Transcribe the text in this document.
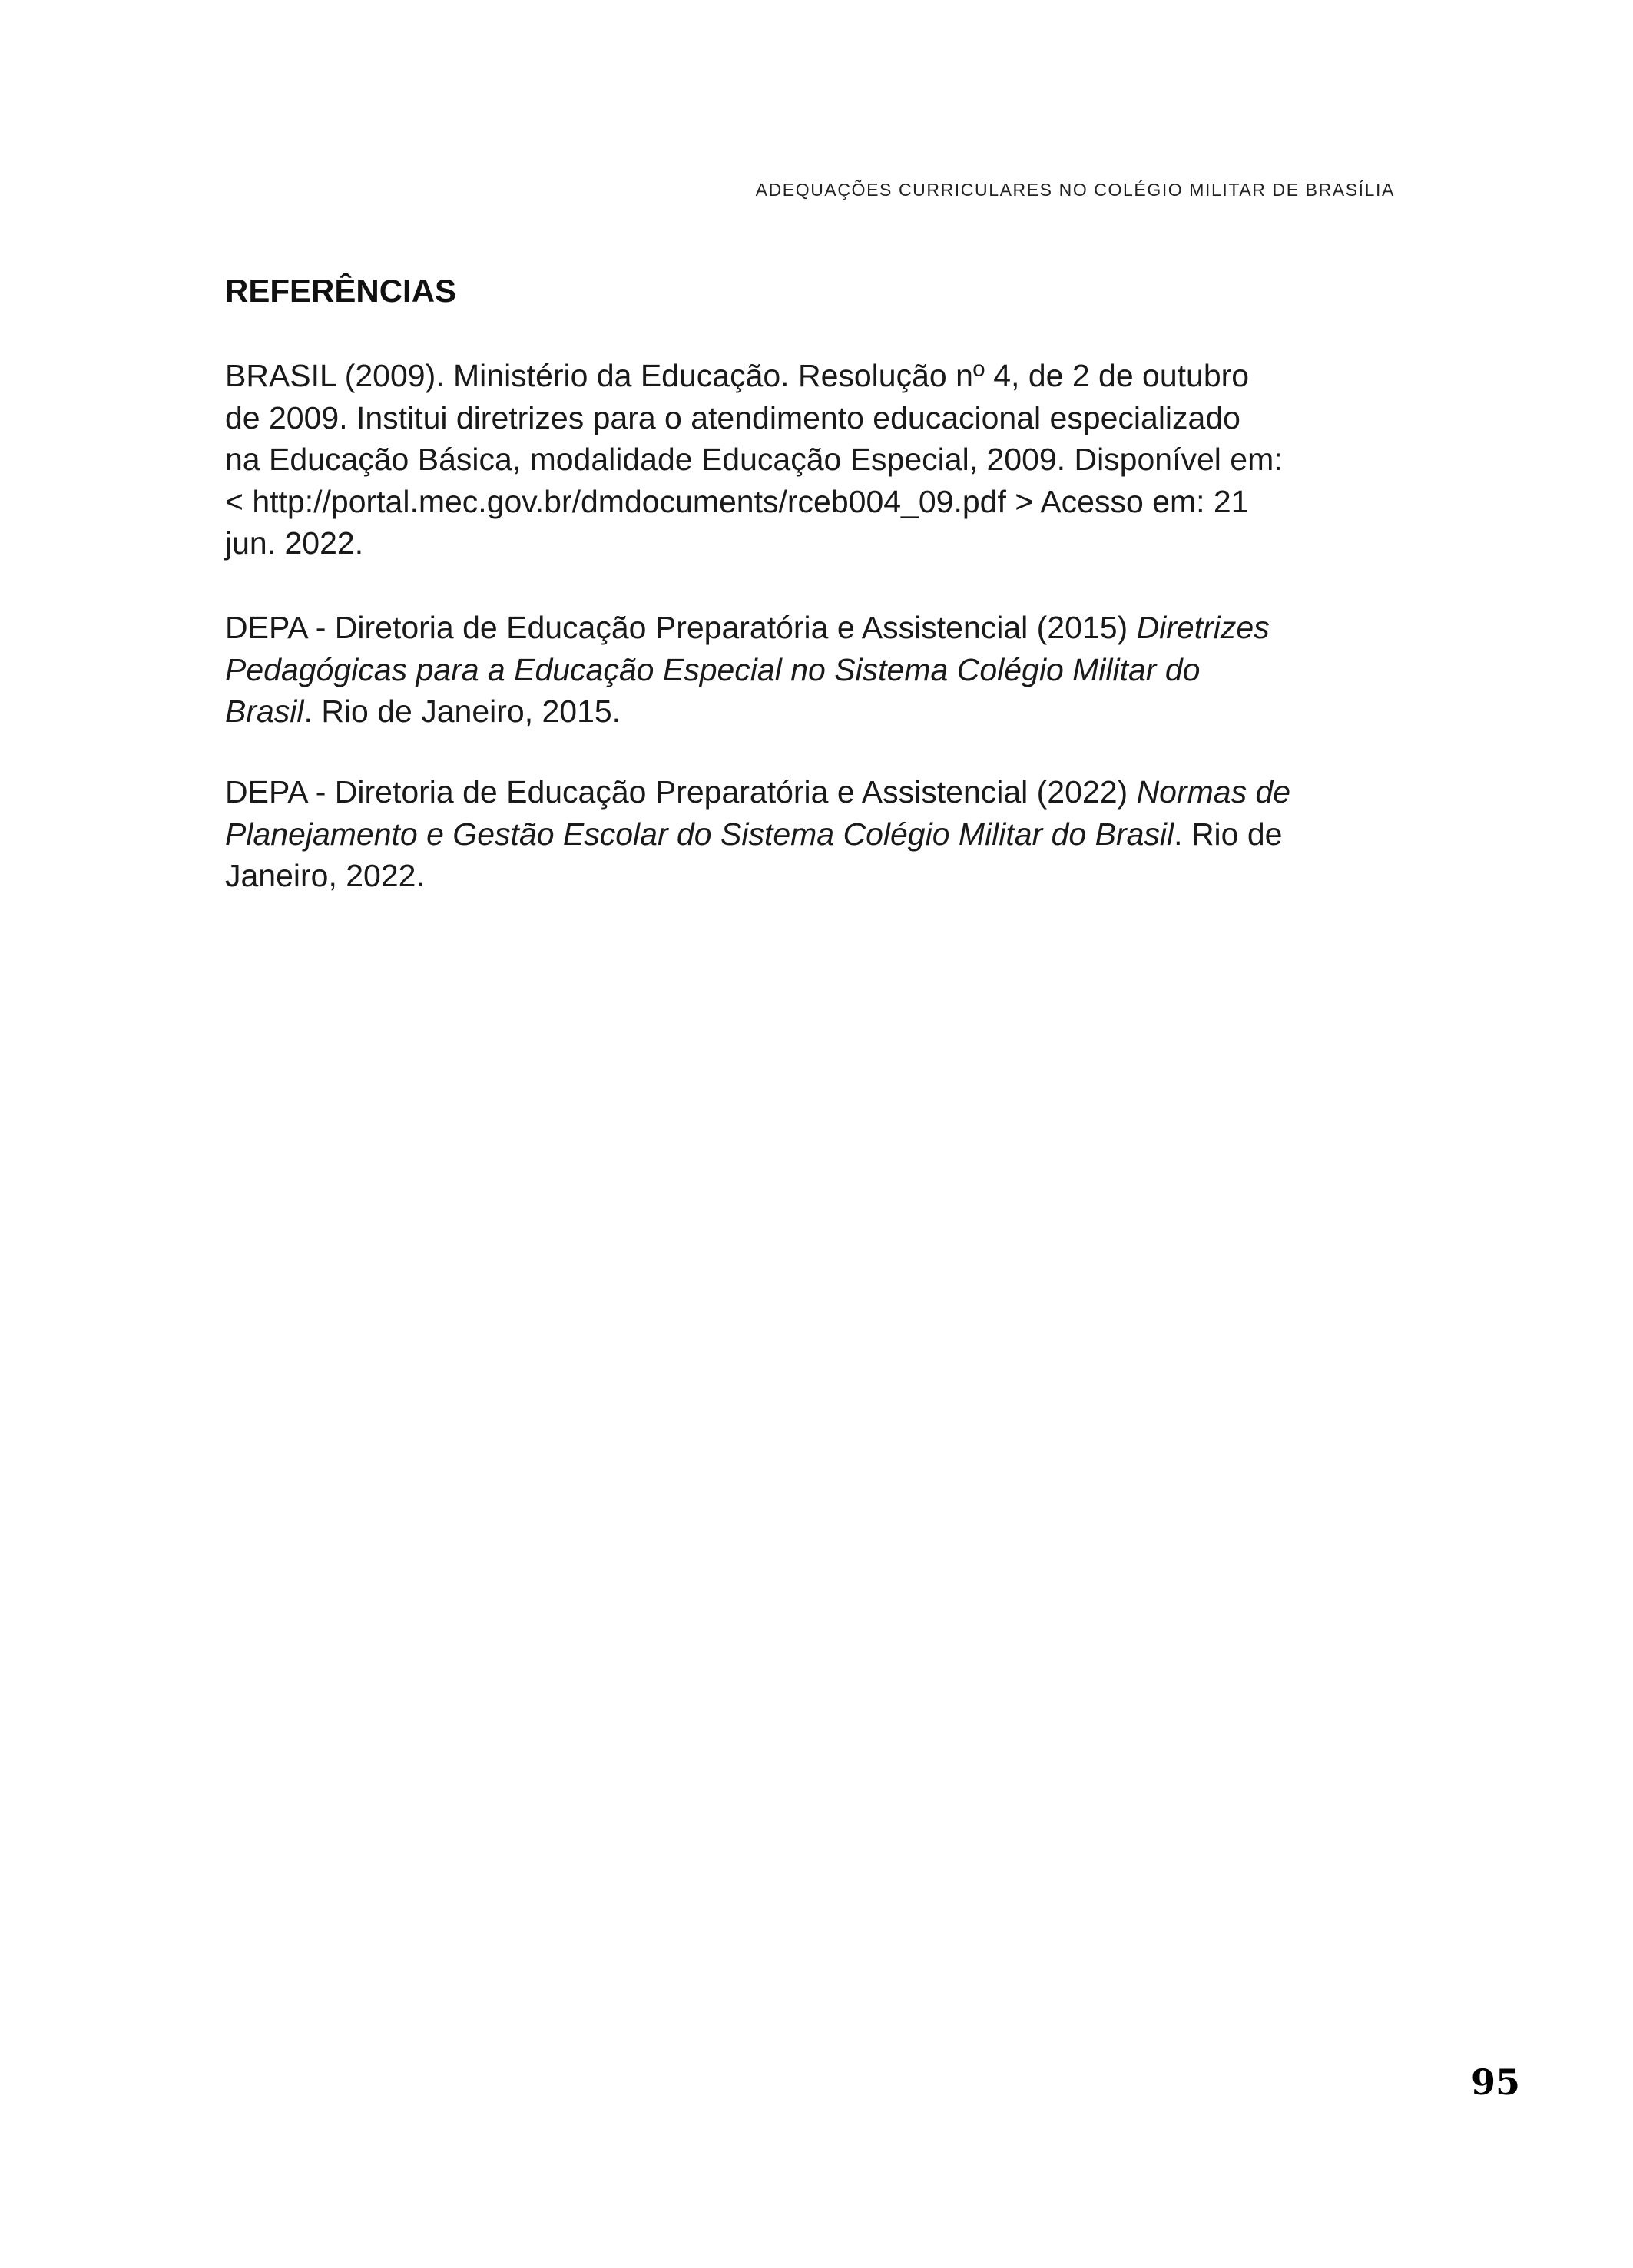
ADEQUAÇÕES CURRICULARES NO COLÉGIO MILITAR DE BRASÍLIA
REFERÊNCIAS
BRASIL (2009). Ministério da Educação. Resolução nº 4, de 2 de outubro
de 2009. Institui diretrizes para o atendimento educacional especializado
na Educação Básica, modalidade Educação Especial, 2009. Disponível em:
< http://portal.mec.gov.br/dmdocuments/rceb004_09.pdf > Acesso em: 21
jun. 2022.
DEPA - Diretoria de Educação Preparatória e Assistencial (2015) Diretrizes
Pedagógicas para a Educação Especial no Sistema Colégio Militar do
Brasil. Rio de Janeiro, 2015.
DEPA - Diretoria de Educação Preparatória e Assistencial (2022) Normas de
Planejamento e Gestão Escolar do Sistema Colégio Militar do Brasil. Rio de
Janeiro, 2022.
95
